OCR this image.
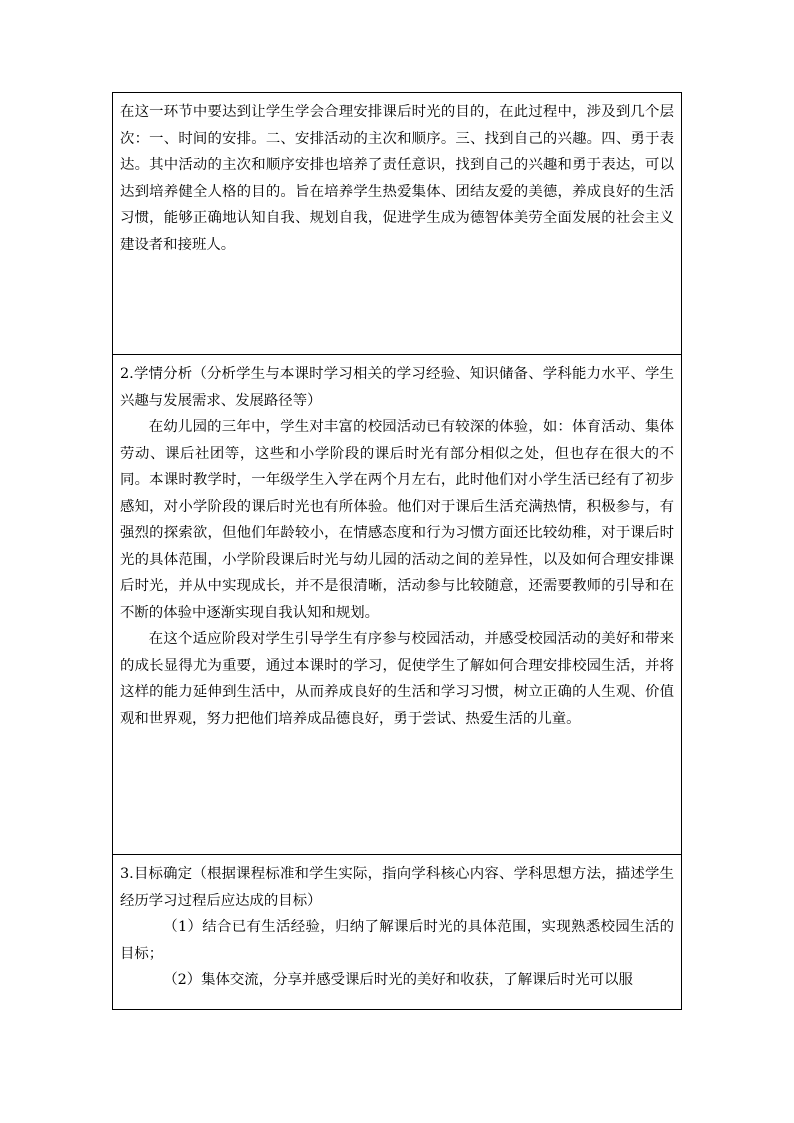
在这一环节中要达到让学生学会合理安排课后时光的目的，在此过程中，涉及到几个层次：一、时间的安排。二、安排活动的主次和顺序。三、找到自己的兴趣。四、勇于表达。其中活动的主次和顺序安排也培养了责任意识，找到自己的兴趣和勇于表达，可以达到培养健全人格的目的。旨在培养学生热爱集体、团结友爱的美德，养成良好的生活习惯，能够正确地认知自我、规划自我，促进学生成为德智体美劳全面发展的社会主义建设者和接班人。

2.学情分析（分析学生与本课时学习相关的学习经验、知识储备、学科能力水平、学生兴趣与发展需求、发展路径等）

在幼儿园的三年中，学生对丰富的校园活动已有较深的体验，如：体育活动、集体劳动、课后社团等，这些和小学阶段的课后时光有部分相似之处，但也存在很大的不同。本课时教学时，一年级学生入学在两个月左右，此时他们对小学生活已经有了初步感知，对小学阶段的课后时光也有所体验。他们对于课后生活充满热情，积极参与，有强烈的探索欲，但他们年龄较小，在情感态度和行为习惯方面还比较幼稚，对于课后时光的具体范围，小学阶段课后时光与幼儿园的活动之间的差异性，以及如何合理安排课后时光，并从中实现成长，并不是很清晰，活动参与比较随意，还需要教师的引导和在不断的体验中逐渐实现自我认知和规划。

在这个适应阶段对学生引导学生有序参与校园活动，并感受校园活动的美好和带来的成长显得尤为重要，通过本课时的学习，促使学生了解如何合理安排校园生活，并将这样的能力延伸到生活中，从而养成良好的生活和学习习惯，树立正确的人生观、价值观和世界观，努力把他们培养成品德良好，勇于尝试、热爱生活的儿童。

3.目标确定（根据课程标准和学生实际，指向学科核心内容、学科思想方法，描述学生经历学习过程后应达成的目标）

（1）结合已有生活经验，归纳了解课后时光的具体范围，实现熟悉校园生活的目标；

（2）集体交流，分享并感受课后时光的美好和收获，了解课后时光可以服
